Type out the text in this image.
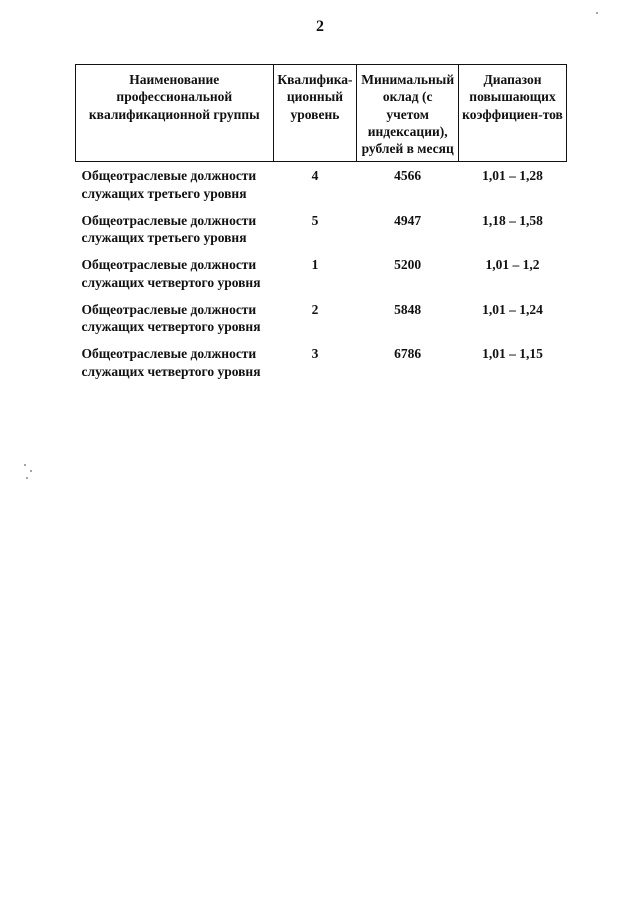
2
Наименование профессиональной квалификационной группы	Квалифика-ционный уровень	Минимальный оклад (с учетом индексации), рублей в месяц	Диапазон повышающих коэффициен-тов
Общеотраслевые должности служащих третьего уровня	4	4566	1,01 – 1,28
Общеотраслевые должности служащих третьего уровня	5	4947	1,18 – 1,58
Общеотраслевые должности служащих четвертого уровня	1	5200	1,01 – 1,2
Общеотраслевые должности служащих четвертого уровня	2	5848	1,01 – 1,24
Общеотраслевые должности служащих четвертого уровня	3	6786	1,01 – 1,15
